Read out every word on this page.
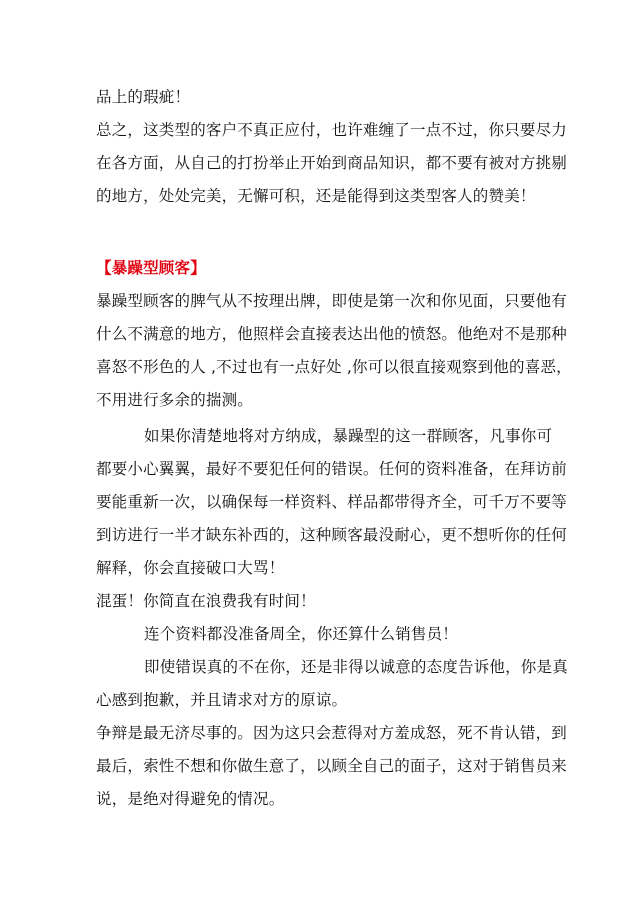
品上的瑕疵！
总之，这类型的客户不真正应付，也许难缠了一点不过，你只要尽力
在各方面，从自己的打扮举止开始到商品知识，都不要有被对方挑剔
的地方，处处完美，无懈可积，还是能得到这类型客人的赞美！
【暴躁型顾客】
暴躁型顾客的脾气从不按理出牌，即使是第一次和你见面，只要他有
什么不满意的地方，他照样会直接表达出他的愤怒。他绝对不是那种
喜怒不形色的人 ,不过也有一点好处 ,你可以很直接观察到他的喜恶，
不用进行多余的揣测。
如果你清楚地将对方纳成，暴躁型的这一群顾客，凡事你可
都要小心翼翼，最好不要犯任何的错误。任何的资料准备，在拜访前
要能重新一次，以确保每一样资料、样品都带得齐全，可千万不要等
到访进行一半才缺东补西的，这种顾客最没耐心，更不想听你的任何
解释，你会直接破口大骂！
混蛋！你简直在浪费我有时间！
连个资料都没准备周全，你还算什么销售员！
即使错误真的不在你，还是非得以诚意的态度告诉他，你是真
心感到抱歉，并且请求对方的原谅。
争辩是最无济尽事的。因为这只会惹得对方羞成怒，死不肯认错，到
最后，索性不想和你做生意了，以顾全自己的面子，这对于销售员来
说，是绝对得避免的情况。
